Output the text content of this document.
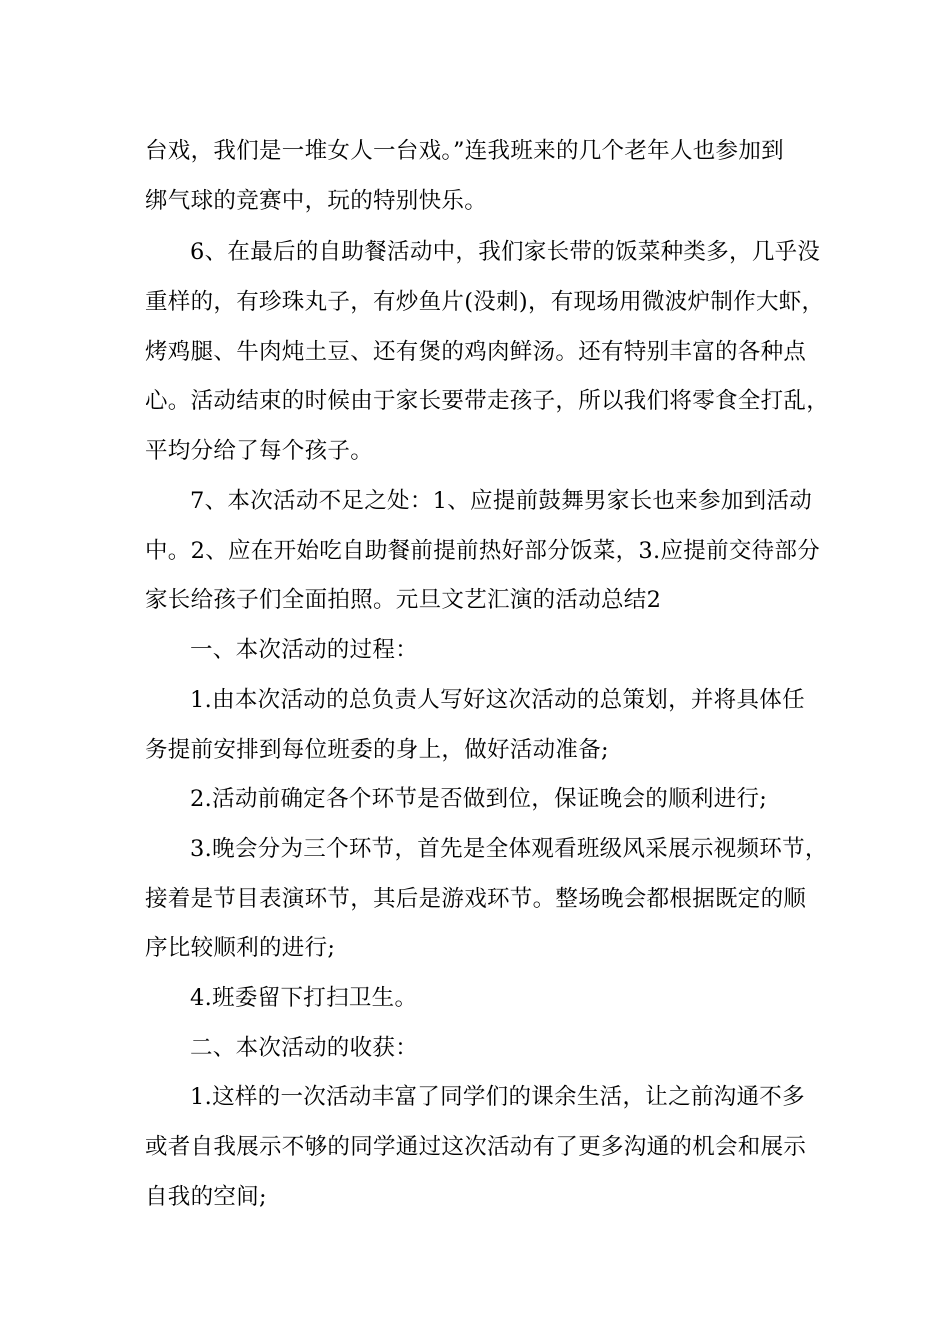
台戏，我们是一堆女人一台戏。”连我班来的几个老年人也参加到
绑气球的竞赛中，玩的特别快乐。
6、在最后的自助餐活动中，我们家长带的饭菜种类多，几乎没
重样的，有珍珠丸子，有炒鱼片(没刺)，有现场用微波炉制作大虾，
烤鸡腿、牛肉炖土豆、还有煲的鸡肉鲜汤。还有特别丰富的各种点
心。活动结束的时候由于家长要带走孩子，所以我们将零食全打乱，
平均分给了每个孩子。
7、本次活动不足之处：1、应提前鼓舞男家长也来参加到活动
中。2、应在开始吃自助餐前提前热好部分饭菜，3.应提前交待部分
家长给孩子们全面拍照。元旦文艺汇演的活动总结2
一、本次活动的过程：
1.由本次活动的总负责人写好这次活动的总策划，并将具体任
务提前安排到每位班委的身上，做好活动准备;
2.活动前确定各个环节是否做到位，保证晚会的顺利进行;
3.晚会分为三个环节，首先是全体观看班级风采展示视频环节，
接着是节目表演环节，其后是游戏环节。整场晚会都根据既定的顺
序比较顺利的进行;
4.班委留下打扫卫生。
二、本次活动的收获：
1.这样的一次活动丰富了同学们的课余生活，让之前沟通不多
或者自我展示不够的同学通过这次活动有了更多沟通的机会和展示
自我的空间;
